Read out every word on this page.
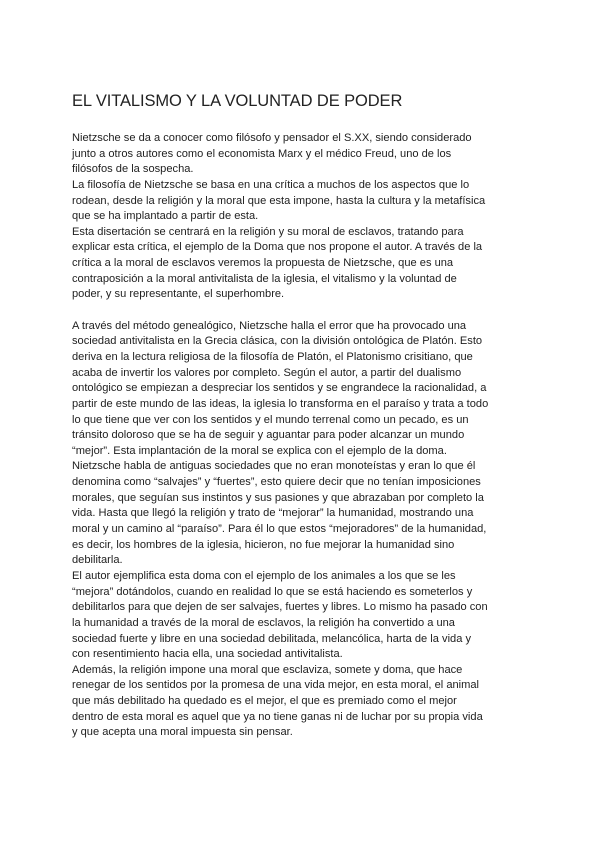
EL VITALISMO Y LA VOLUNTAD DE PODER
Nietzsche se da a conocer como filósofo y pensador el S.XX, siendo considerado
junto a otros autores como el economista Marx y el médico Freud, uno de los
filósofos de la sospecha.
La filosofía de Nietzsche se basa en una crítica a muchos de los aspectos que lo
rodean, desde la religión y la moral que esta impone, hasta la cultura y la metafísica
que se ha implantado a partir de esta.
Esta disertación se centrará en la religión y su moral de esclavos, tratando para
explicar esta crítica, el ejemplo de la Doma que nos propone el autor. A través de la
crítica a la moral de esclavos veremos la propuesta de Nietzsche, que es una
contraposición a la moral antivitalista de la iglesia, el vitalismo y la voluntad de
poder, y su representante, el superhombre.
A través del método genealógico, Nietzsche halla el error que ha provocado una
sociedad antivitalista en la Grecia clásica, con la división ontológica de Platón. Esto
deriva en la lectura religiosa de la filosofía de Platón, el Platonismo crisitiano, que
acaba de invertir los valores por completo. Según el autor, a partir del dualismo
ontológico se empiezan a despreciar los sentidos y se engrandece la racionalidad, a
partir de este mundo de las ideas, la iglesia lo transforma en el paraíso y trata a todo
lo que tiene que ver con los sentidos y el mundo terrenal como un pecado, es un
tránsito doloroso que se ha de seguir y aguantar para poder alcanzar un mundo
“mejor”. Esta implantación de la moral se explica con el ejemplo de la doma.
Nietzsche habla de antiguas sociedades que no eran monoteístas y eran lo que él
denomina como “salvajes” y “fuertes”, esto quiere decir que no tenían imposiciones
morales, que seguían sus instintos y sus pasiones y que abrazaban por completo la
vida. Hasta que llegó la religión y trato de “mejorar” la humanidad, mostrando una
moral y un camino al “paraíso”. Para él lo que estos “mejoradores” de la humanidad,
es decir, los hombres de la iglesia, hicieron, no fue mejorar la humanidad sino
debilitarla.
El autor ejemplifica esta doma con el ejemplo de los animales a los que se les
“mejora” dotándolos, cuando en realidad lo que se está haciendo es someterlos y
debilitarlos para que dejen de ser salvajes, fuertes y libres. Lo mismo ha pasado con
la humanidad a través de la moral de esclavos, la religión ha convertido a una
sociedad fuerte y libre en una sociedad debilitada, melancólica, harta de la vida y
con resentimiento hacia ella, una sociedad antivitalista.
Además, la religión impone una moral que esclaviza, somete y doma, que hace
renegar de los sentidos por la promesa de una vida mejor, en esta moral, el animal
que más debilitado ha quedado es el mejor, el que es premiado como el mejor
dentro de esta moral es aquel que ya no tiene ganas ni de luchar por su propia vida
y que acepta una moral impuesta sin pensar.
